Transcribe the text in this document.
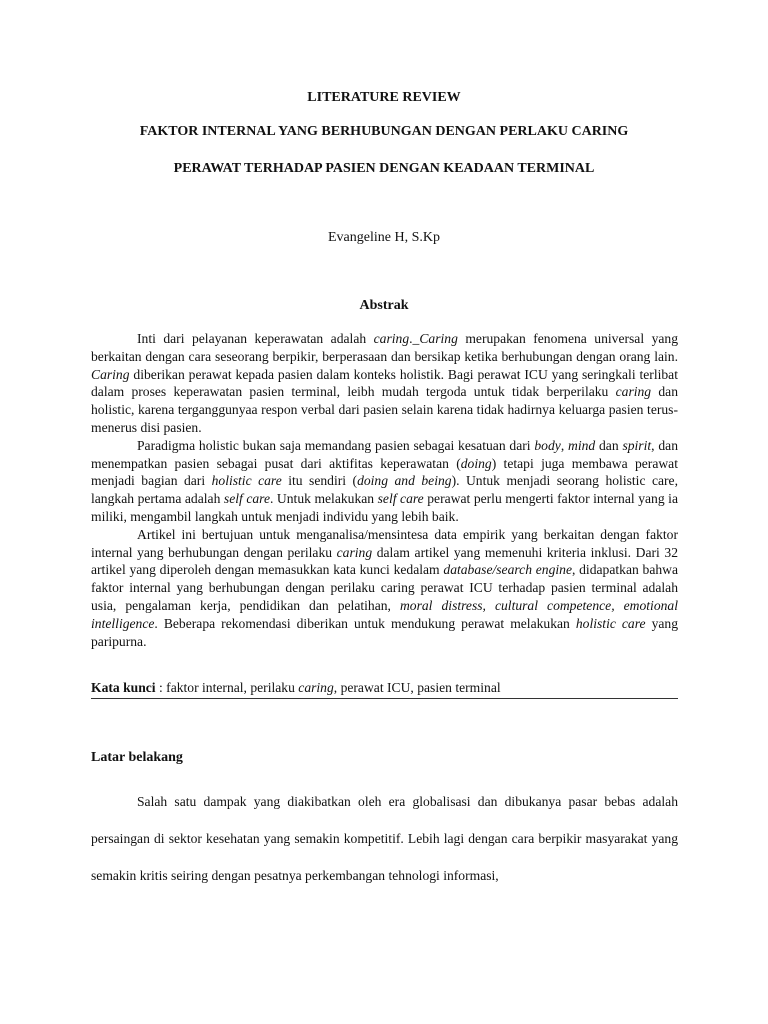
LITERATURE REVIEW
FAKTOR INTERNAL YANG BERHUBUNGAN DENGAN PERLAKU CARING
PERAWAT TERHADAP PASIEN DENGAN KEADAAN TERMINAL
Evangeline H, S.Kp
Abstrak

Inti dari pelayanan keperawatan adalah caring._Caring merupakan fenomena universal yang berkaitan dengan cara seseorang berpikir, berperasaan dan bersikap ketika berhubungan dengan orang lain. Caring diberikan perawat kepada pasien dalam konteks holistik. Bagi perawat ICU yang seringkali terlibat dalam proses keperawatan pasien terminal, leibh mudah tergoda untuk tidak berperilaku caring dan holistic, karena terganggunyaa respon verbal dari pasien selain karena tidak hadirnya keluarga pasien terus-menerus disi pasien.

Paradigma holistic bukan saja memandang pasien sebagai kesatuan dari body, mind dan spirit, dan menempatkan pasien sebagai pusat dari aktifitas keperawatan (doing) tetapi juga membawa perawat menjadi bagian dari holistic care itu sendiri (doing and being). Untuk menjadi seorang holistic care, langkah pertama adalah self care. Untuk melakukan self care perawat perlu mengerti faktor internal yang ia miliki, mengambil langkah untuk menjadi individu yang lebih baik.

Artikel ini bertujuan untuk menganalisa/mensintesa data empirik yang berkaitan dengan faktor internal yang berhubungan dengan perilaku caring dalam artikel yang memenuhi kriteria inklusi. Dari 32 artikel yang diperoleh dengan memasukkan kata kunci kedalam database/search engine, didapatkan bahwa faktor internal yang berhubungan dengan perilaku caring perawat ICU terhadap pasien terminal adalah usia, pengalaman kerja, pendidikan dan pelatihan, moral distress, cultural competence, emotional intelligence. Beberapa rekomendasi diberikan untuk mendukung perawat melakukan holistic care yang paripurna.

Kata kunci : faktor internal, perilaku caring, perawat ICU, pasien terminal
Latar belakang

Salah satu dampak yang diakibatkan oleh era globalisasi dan dibukanya pasar bebas adalah persaingan di sektor kesehatan yang semakin kompetitif. Lebih lagi dengan cara berpikir masyarakat yang semakin kritis seiring dengan pesatnya perkembangan tehnologi informasi,
